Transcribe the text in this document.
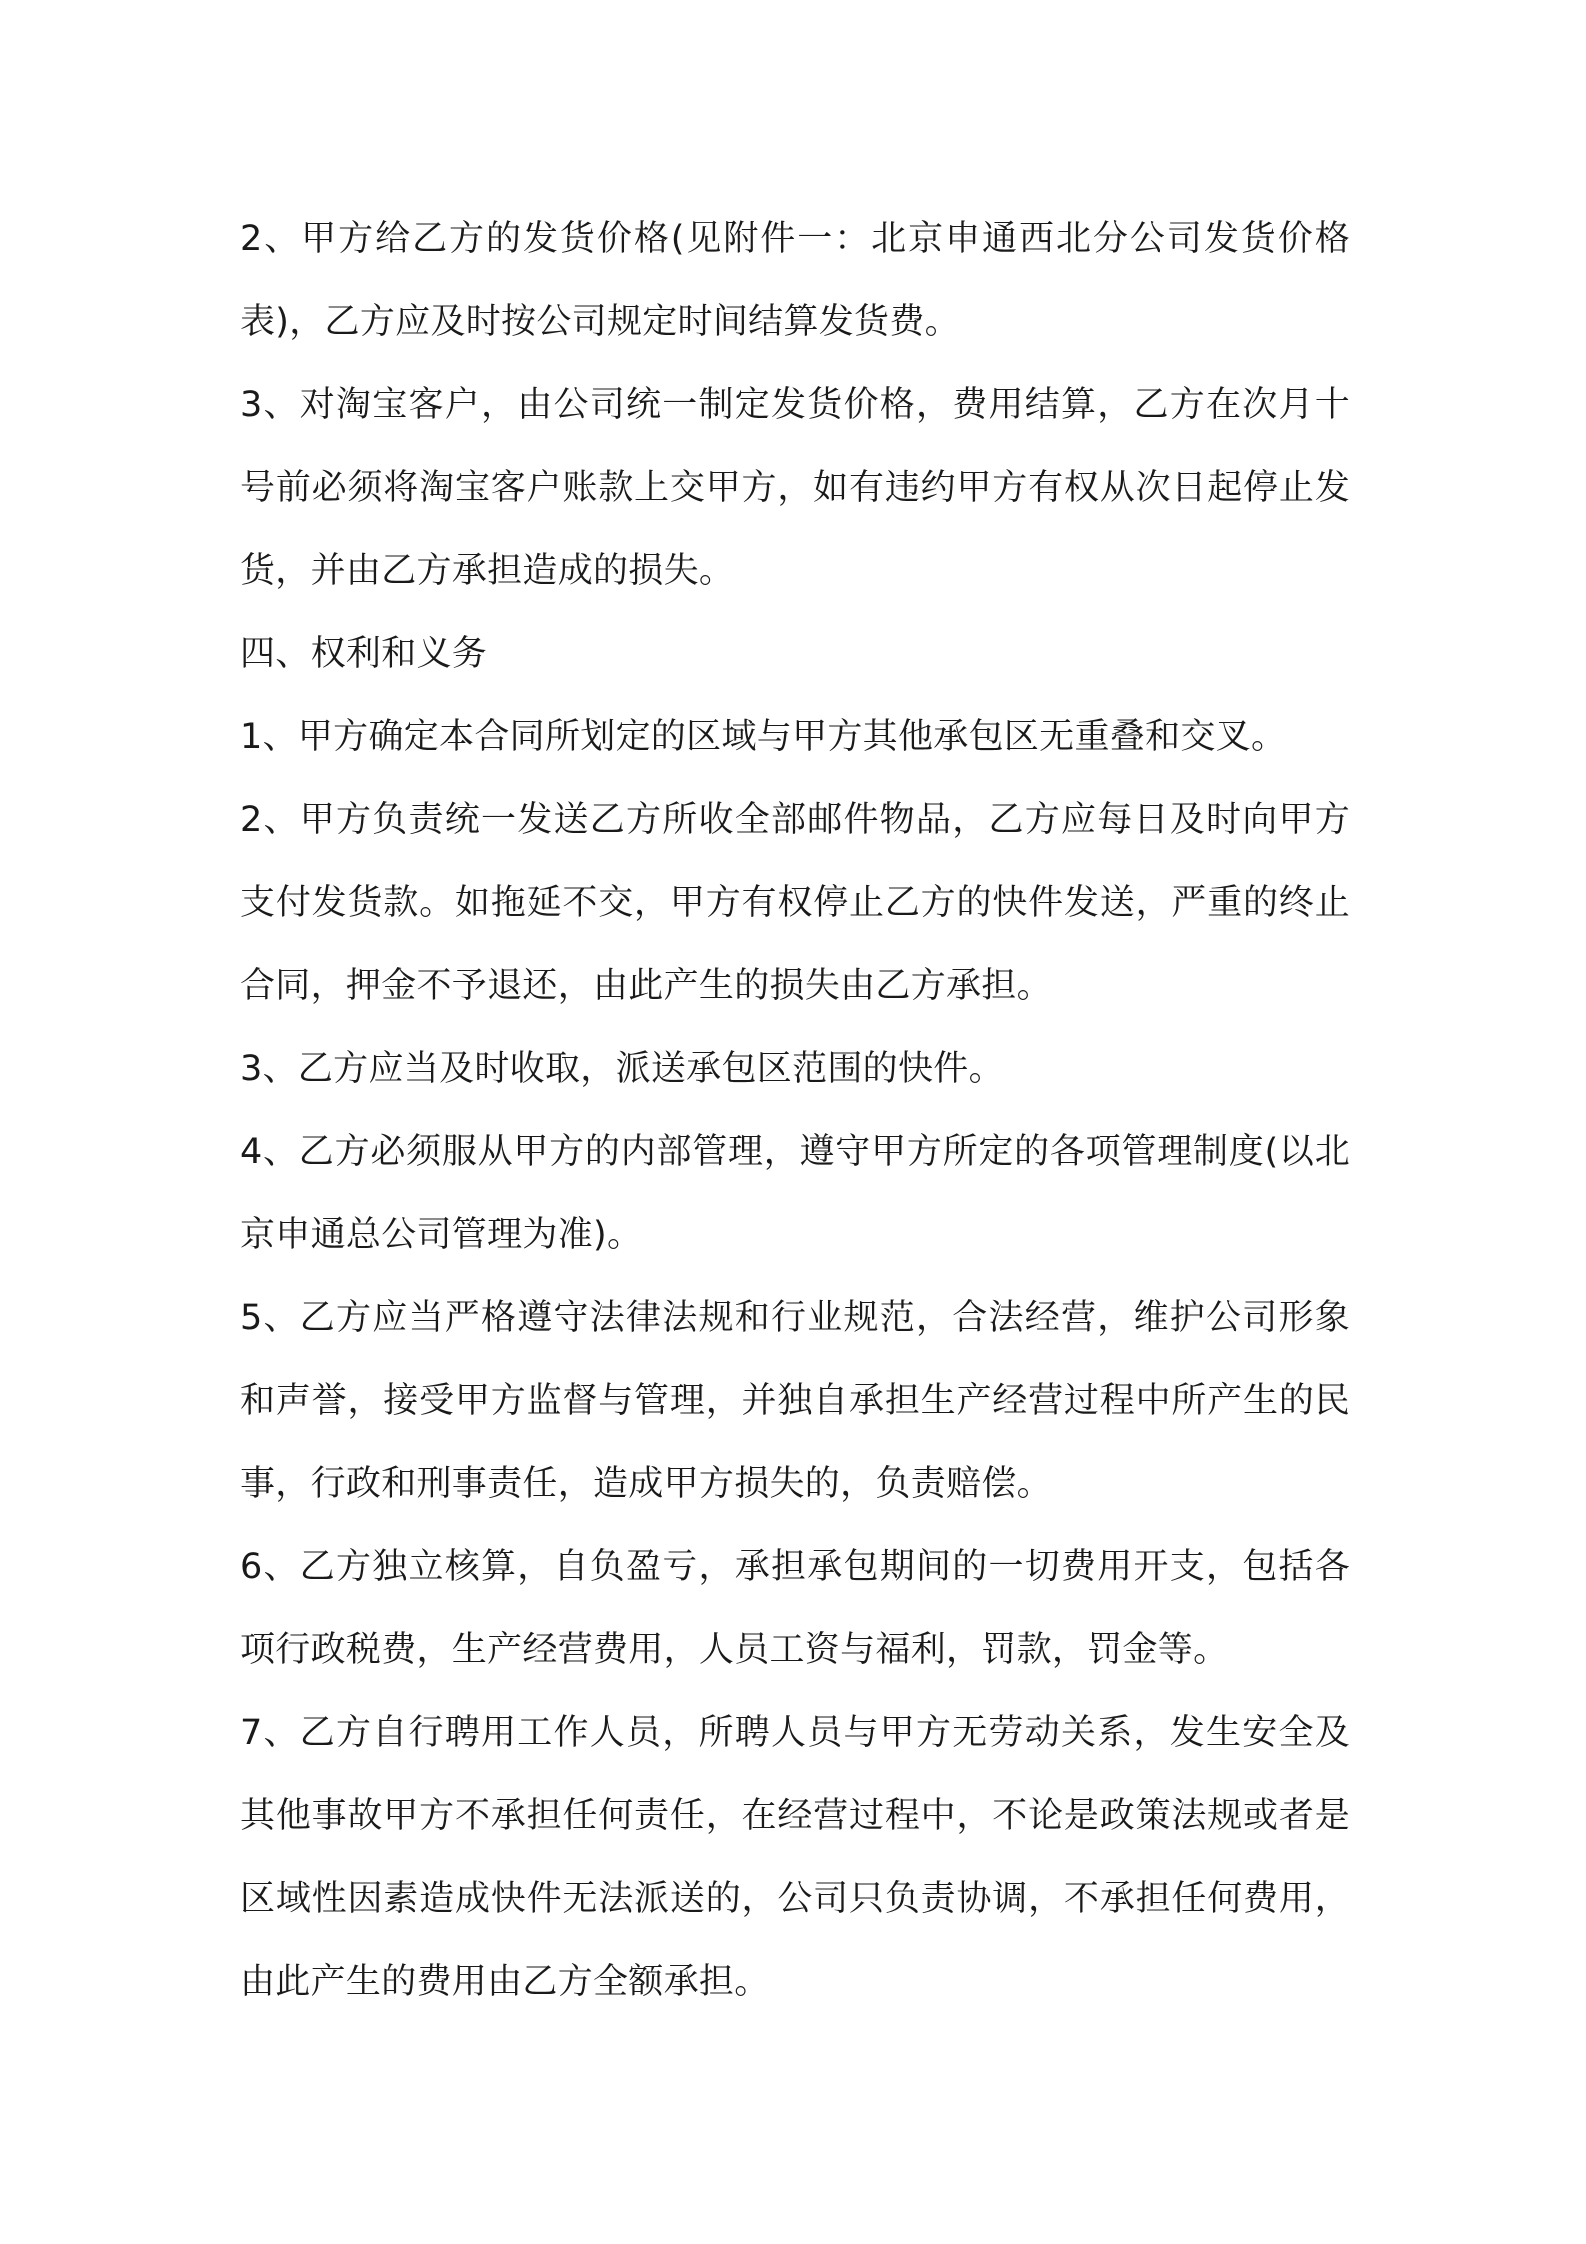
2、甲方给乙方的发货价格(见附件一：北京申通西北分公司发货价格表)，乙方应及时按公司规定时间结算发货费。

3、对淘宝客户，由公司统一制定发货价格，费用结算，乙方在次月十号前必须将淘宝客户账款上交甲方，如有违约甲方有权从次日起停止发货，并由乙方承担造成的损失。

四、权利和义务

1、甲方确定本合同所划定的区域与甲方其他承包区无重叠和交叉。

2、甲方负责统一发送乙方所收全部邮件物品，乙方应每日及时向甲方支付发货款。如拖延不交，甲方有权停止乙方的快件发送，严重的终止合同，押金不予退还，由此产生的损失由乙方承担。

3、乙方应当及时收取，派送承包区范围的快件。

4、乙方必须服从甲方的内部管理，遵守甲方所定的各项管理制度(以北京申通总公司管理为准)。

5、乙方应当严格遵守法律法规和行业规范，合法经营，维护公司形象和声誉，接受甲方监督与管理，并独自承担生产经营过程中所产生的民事，行政和刑事责任，造成甲方损失的，负责赔偿。

6、乙方独立核算，自负盈亏，承担承包期间的一切费用开支，包括各项行政税费，生产经营费用，人员工资与福利，罚款，罚金等。

7、乙方自行聘用工作人员，所聘人员与甲方无劳动关系，发生安全及其他事故甲方不承担任何责任，在经营过程中，不论是政策法规或者是区域性因素造成快件无法派送的，公司只负责协调，不承担任何费用，由此产生的费用由乙方全额承担。
